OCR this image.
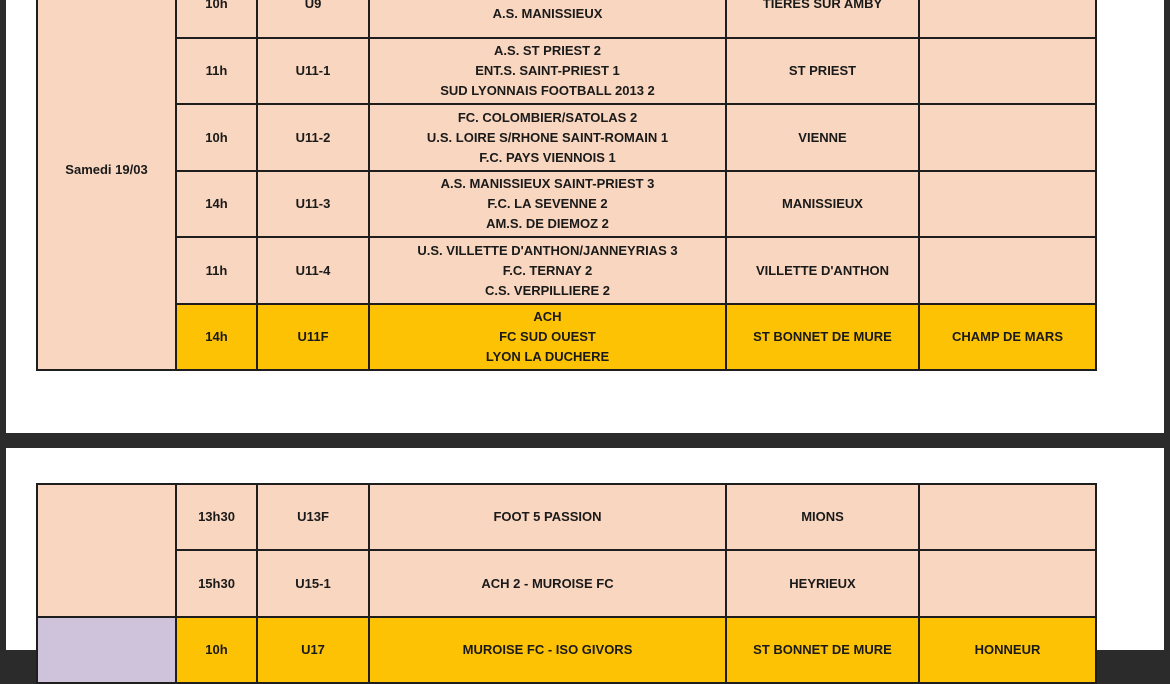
Samedi 19/03	10h	U9	A.S. MANISSIEUX	TIERES SUR AMBY	
	11h	U11-1	A.S. ST PRIEST 2
ENT.S. SAINT-PRIEST 1
SUD LYONNAIS FOOTBALL 2013 2	ST PRIEST	
	10h	U11-2	FC. COLOMBIER/SATOLAS 2
U.S. LOIRE S/RHONE SAINT-ROMAIN 1
F.C. PAYS VIENNOIS 1	VIENNE	
	14h	U11-3	A.S. MANISSIEUX SAINT-PRIEST 3
F.C. LA SEVENNE 2
AM.S. DE DIEMOZ 2	MANISSIEUX	
	11h	U11-4	U.S. VILLETTE D'ANTHON/JANNEYRIAS 3
F.C. TERNAY 2
C.S. VERPILLIERE 2	VILLETTE D'ANTHON	
	14h	U11F	ACH
FC SUD OUEST
LYON LA DUCHERE	ST BONNET DE MURE	CHAMP DE MARS
	13h30	U13F	FOOT 5 PASSION	MIONS	
	15h30	U15-1	ACH 2 - MUROISE FC	HEYRIEUX	
	10h	U17	MUROISE FC - ISO GIVORS	ST BONNET DE MURE	HONNEUR
